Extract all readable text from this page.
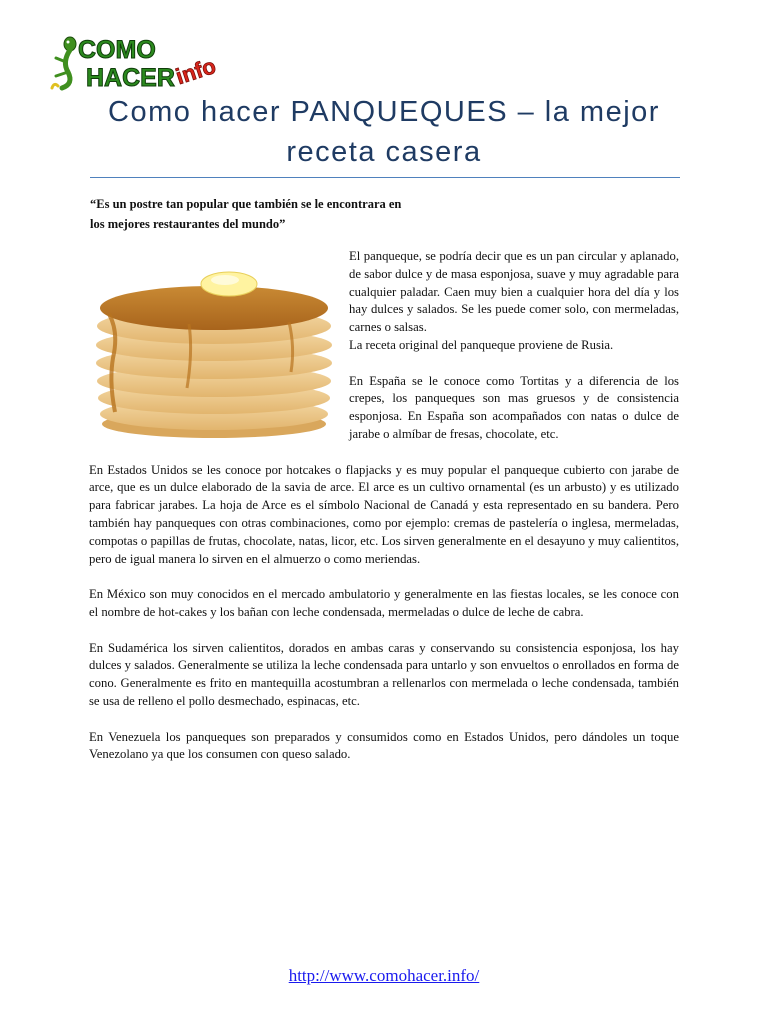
COMO
HACER
info
Como hacer PANQUEQUES – la mejor
receta casera
“Es un postre tan popular que también se le encontrara en
los mejores restaurantes del mundo”

El panqueque, se podría decir que es un pan circular y aplanado, de sabor dulce y de masa esponjosa, suave y muy agradable para cualquier paladar. Caen muy bien a cualquier hora del día y los hay dulces y salados. Se les puede comer solo, con mermeladas, carnes o salsas.

La receta original del panqueque proviene de Rusia.

En España se le conoce como Tortitas y a diferencia de los crepes, los panqueques son mas gruesos y de consistencia esponjosa. En España son acompañados con natas o dulce de jarabe o almíbar de fresas, chocolate, etc.

En Estados Unidos se les conoce por hotcakes o flapjacks y es muy popular el panqueque cubierto con jarabe de arce, que es un dulce elaborado de la savia de arce. El arce es un cultivo ornamental (es un arbusto) y es utilizado para fabricar jarabes. La hoja de Arce es el símbolo Nacional de Canadá y esta representado en su bandera. Pero también hay panqueques con otras combinaciones, como por ejemplo: cremas de pastelería o inglesa, mermeladas, compotas o papillas de frutas, chocolate, natas, licor, etc. Los sirven generalmente en el desayuno y muy calientitos, pero de igual manera lo sirven en el almuerzo o como meriendas.

En México son muy conocidos en el mercado ambulatorio y generalmente en las fiestas locales, se les conoce con el nombre de hot-cakes y los bañan con leche condensada, mermeladas o dulce de leche de cabra.

En Sudamérica los sirven calientitos, dorados en ambas caras y conservando su consistencia esponjosa, los hay dulces y salados. Generalmente se utiliza la leche condensada para untarlo y son envueltos o enrollados en forma de cono. Generalmente es frito en mantequilla acostumbran a rellenarlos con mermelada o leche condensada, también se usa de relleno el pollo desmechado, espinacas, etc.

En Venezuela los panqueques son preparados y consumidos como en Estados Unidos, pero dándoles un toque Venezolano ya que los consumen con queso salado.

http://www.comohacer.info/
